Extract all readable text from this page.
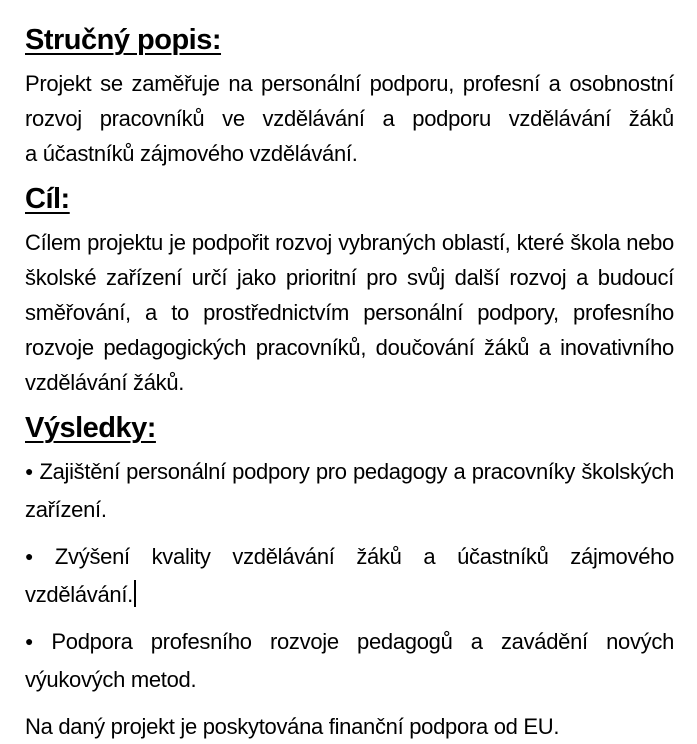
Stručný popis:

Projekt se zaměřuje na personální podporu, profesní a osobnostní rozvoj pracovníků ve vzdělávání a podporu vzdělávání žáků a účastníků zájmového vzdělávání.

Cíl:

Cílem projektu je podpořit rozvoj vybraných oblastí, které škola nebo školské zařízení určí jako prioritní pro svůj další rozvoj a budoucí směřování, a to prostřednictvím personální podpory, profesního rozvoje pedagogických pracovníků, doučování žáků a inovativního vzdělávání žáků.

Výsledky:

● Zajištění personální podpory pro pedagogy a pracovníky školských zařízení.

● Zvýšení kvality vzdělávání žáků a účastníků zájmového vzdělávání.

● Podpora profesního rozvoje pedagogů a zavádění nových výukových metod.

Na daný projekt je poskytována finanční podpora od EU.
